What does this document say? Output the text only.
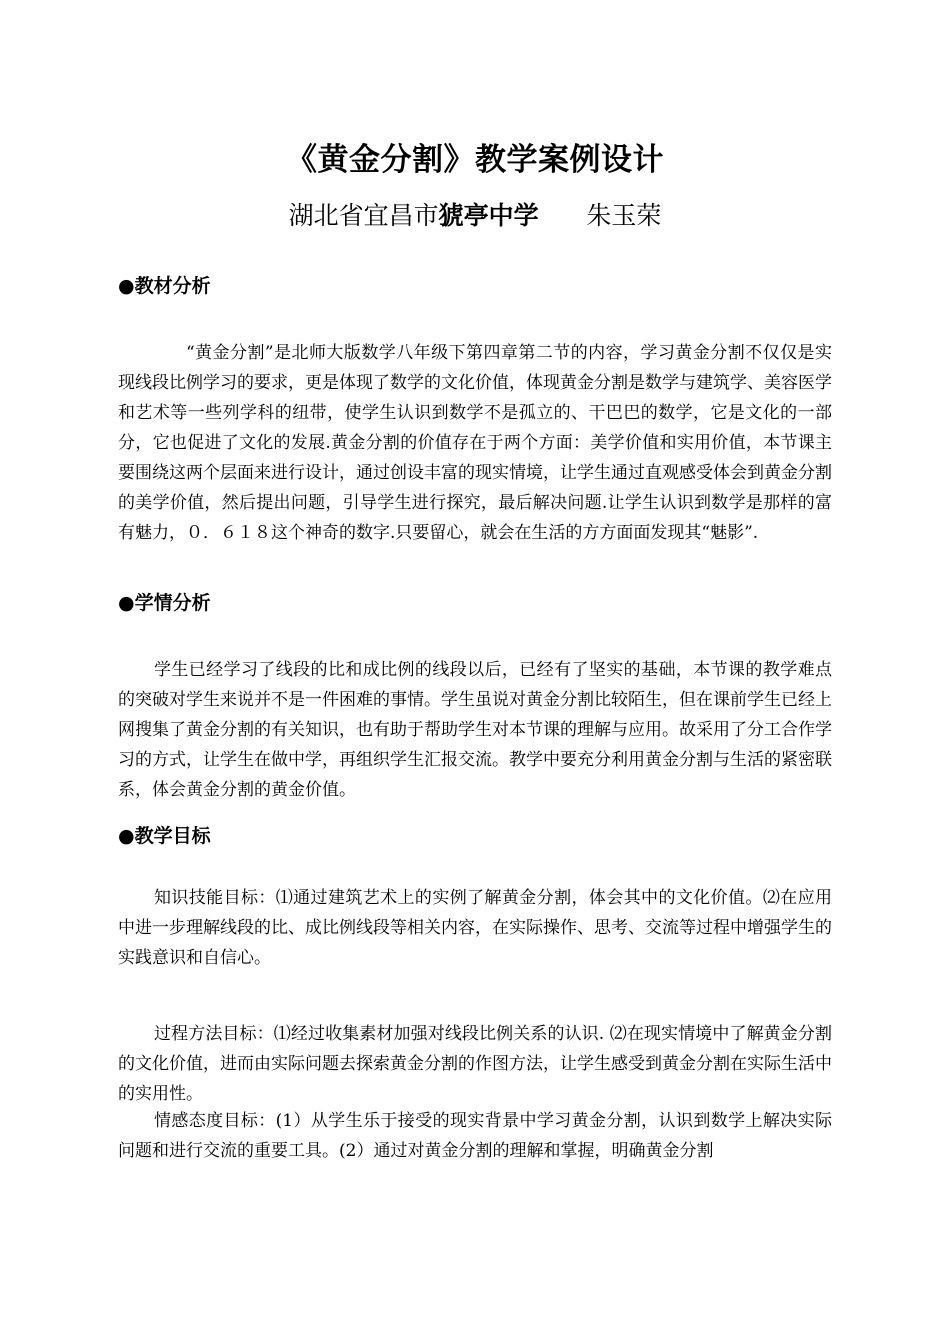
《黄金分割》教学案例设计
湖北省宜昌市猇亭中学 朱玉荣
●教材分析
“黄金分割”是北师大版数学八年级下第四章第二节的内容，学习黄金分割不仅仅是实现线段比例学习的要求，更是体现了数学的文化价值，体现黄金分割是数学与建筑学、美容医学和艺术等一些列学科的纽带，使学生认识到数学不是孤立的、干巴巴的数学，它是文化的一部分，它也促进了文化的发展.黄金分割的价值存在于两个方面：美学价值和实用价值，本节课主要围绕这两个层面来进行设计，通过创设丰富的现实情境，让学生通过直观感受体会到黄金分割的美学价值，然后提出问题，引导学生进行探究，最后解决问题.让学生认识到数学是那样的富有魅力，０．６１８这个神奇的数字.只要留心，就会在生活的方方面面发现其“魅影”.
●学情分析
学生已经学习了线段的比和成比例的线段以后，已经有了坚实的基础，本节课的教学难点的突破对学生来说并不是一件困难的事情。学生虽说对黄金分割比较陌生，但在课前学生已经上网搜集了黄金分割的有关知识，也有助于帮助学生对本节课的理解与应用。故采用了分工合作学习的方式，让学生在做中学，再组织学生汇报交流。教学中要充分利用黄金分割与生活的紧密联系，体会黄金分割的黄金价值。
●教学目标
知识技能目标：⑴通过建筑艺术上的实例了解黄金分割，体会其中的文化价值。⑵在应用中进一步理解线段的比、成比例线段等相关内容，在实际操作、思考、交流等过程中增强学生的实践意识和自信心。
过程方法目标：⑴经过收集素材加强对线段比例关系的认识. ⑵在现实情境中了解黄金分割的文化价值，进而由实际问题去探索黄金分割的作图方法，让学生感受到黄金分割在实际生活中的实用性。
情感态度目标：(1）从学生乐于接受的现实背景中学习黄金分割，认识到数学上解决实际问题和进行交流的重要工具。(2）通过对黄金分割的理解和掌握，明确黄金分割
